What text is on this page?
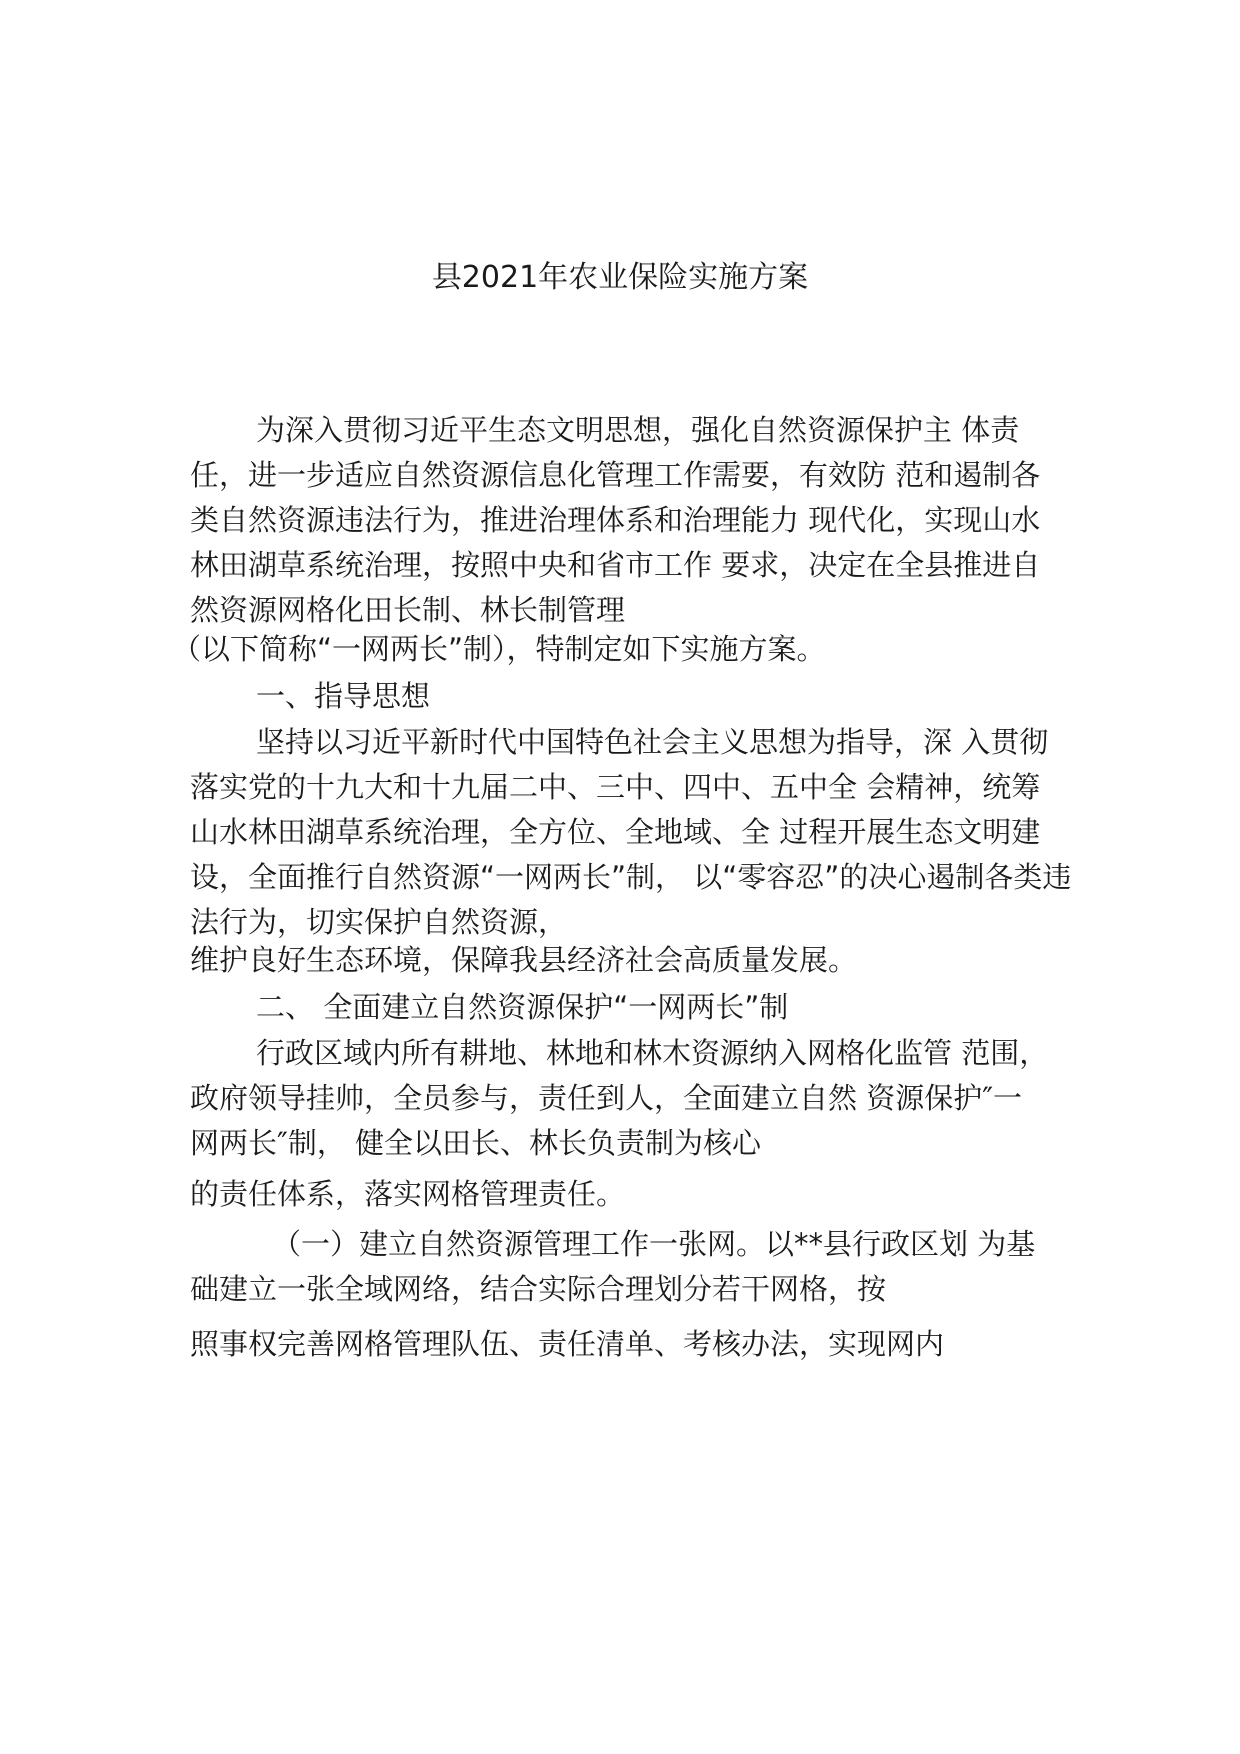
县2021年农业保险实施方案
为深入贯彻习近平生态文明思想，强化自然资源保护主 体责
任，进一步适应自然资源信息化管理工作需要，有效防 范和遏制各
类自然资源违法行为，推进治理体系和治理能力 现代化，实现山水
林田湖草系统治理，按照中央和省市工作 要求，决定在全县推进自
然资源网格化田长制、林长制管理
（以下简称“一网两长”制），特制定如下实施方案。
一、指导思想
坚持以习近平新时代中国特色社会主义思想为指导，深 入贯彻
落实党的十九大和十九届二中、三中、四中、五中全 会精神，统筹
山水林田湖草系统治理，全方位、全地域、全 过程开展生态文明建
设，全面推行自然资源“一网两长”制， 以“零容忍”的决心遏制各类违
法行为，切实保护自然资源，
维护良好生态环境，保障我县经济社会高质量发展。
二、 全面建立自然资源保护“一网两长”制
行政区域内所有耕地、林地和林木资源纳入网格化监管 范围，
政府领导挂帅，全员参与，责任到人，全面建立自然 资源保护″一
网两长″制， 健全以田长、林长负责制为核心
的责任体系，落实网格管理责任。
（一）建立自然资源管理工作一张网。以**县行政区划 为基
础建立一张全域网络，结合实际合理划分若干网格，按
照事权完善网格管理队伍、责任清单、考核办法，实现网内
